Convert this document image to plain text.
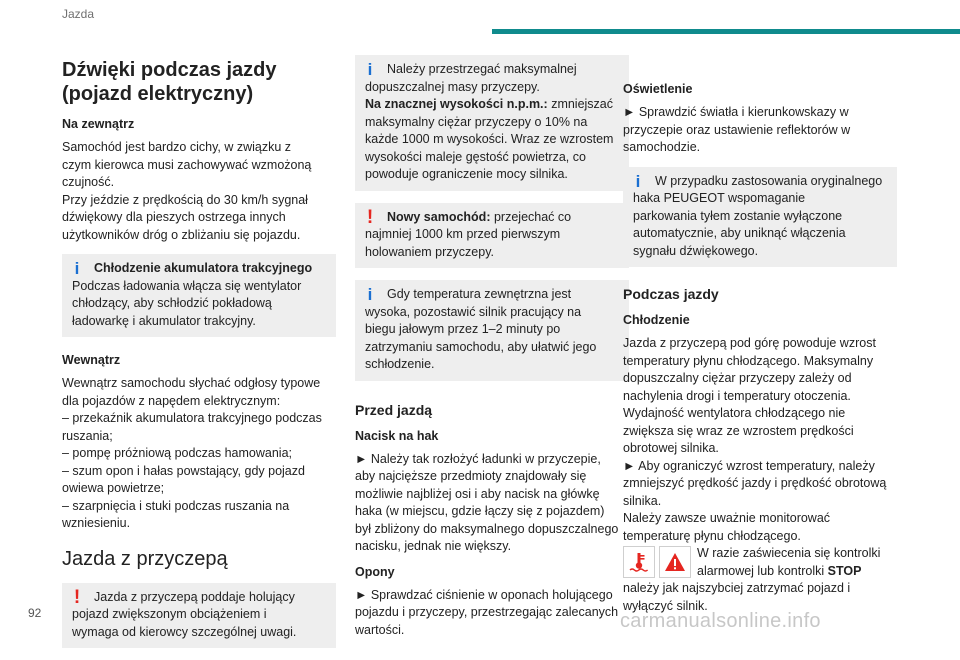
Jazda
Dźwięki podczas jazdy
(pojazd elektryczny)
Na zewnątrz

Samochód jest bardzo cichy, w związku z
czym kierowca musi zachowywać wzmożoną
czujność.
Przy jeździe z prędkością do 30 km/h sygnał
dźwiękowy dla pieszych ostrzega innych
użytkowników dróg o zbliżaniu się pojazdu.

i Chłodzenie akumulatora trakcyjnego
Podczas ładowania włącza się wentylator
chłodzący, aby schłodzić pokładową
ładowarkę i akumulator trakcyjny.
Wewnątrz

Wewnątrz samochodu słychać odgłosy typowe
dla pojazdów z napędem elektrycznym:
– przekaźnik akumulatora trakcyjnego podczas
ruszania;
– pompę próżniową podczas hamowania;
– szum opon i hałas powstający, gdy pojazd
owiewa powietrze;
– szarpnięcia i stuki podczas ruszania na
wzniesieniu.

Jazda z przyczepą
! Jazda z przyczepą poddaje holujący
pojazd zwiększonym obciążeniem i
wymaga od kierowcy szczególnej uwagi.
i Należy przestrzegać maksymalnej
dopuszczalnej masy przyczepy.
Na znacznej wysokości n.p.m.: zmniejszać
maksymalny ciężar przyczepy o 10% na
każde 1000 m wysokości. Wraz ze wzrostem
wysokości maleje gęstość powietrza, co
powoduje ograniczenie mocy silnika.
! Nowy samochód: przejechać co
najmniej 1000 km przed pierwszym
holowaniem przyczepy.
i Gdy temperatura zewnętrzna jest
wysoka, pozostawić silnik pracujący na
biegu jałowym przez 1–2 minuty po
zatrzymaniu samochodu, aby ułatwić jego
schłodzenie.
Przed jazdą
Nacisk na hak

► Należy tak rozłożyć ładunki w przyczepie,
aby najcięższe przedmioty znajdowały się
możliwie najbliżej osi i aby nacisk na główkę
haka (w miejscu, gdzie łączy się z pojazdem)
był zbliżony do maksymalnego dopuszczalnego
nacisku, jednak nie większy.

Opony

► Sprawdzać ciśnienie w oponach holującego
pojazdu i przyczepy, przestrzegając zalecanych
wartości.

Oświetlenie

► Sprawdzić światła i kierunkowskazy w
przyczepie oraz ustawienie reflektorów w
samochodzie.

i W przypadku zastosowania oryginalnego
haka PEUGEOT wspomaganie
parkowania tyłem zostanie wyłączone
automatycznie, aby uniknąć włączenia
sygnału dźwiękowego.
Podczas jazdy
Chłodzenie

Jazda z przyczepą pod górę powoduje wzrost
temperatury płynu chłodzącego. Maksymalny
dopuszczalny ciężar przyczepy zależy od
nachylenia drogi i temperatury otoczenia.
Wydajność wentylatora chłodzącego nie
zwiększa się wraz ze wzrostem prędkości
obrotowej silnika.
► Aby ograniczyć wzrost temperatury, należy
zmniejszyć prędkość jazdy i prędkość obrotową
silnika.
Należy zawsze uważnie monitorować
temperaturę płynu chłodzącego.

W razie zaświecenia się kontrolki
alarmowej lub kontrolki STOP
należy jak najszybciej zatrzymać pojazd i
wyłączyć silnik.

92	carmanualsonline.info
